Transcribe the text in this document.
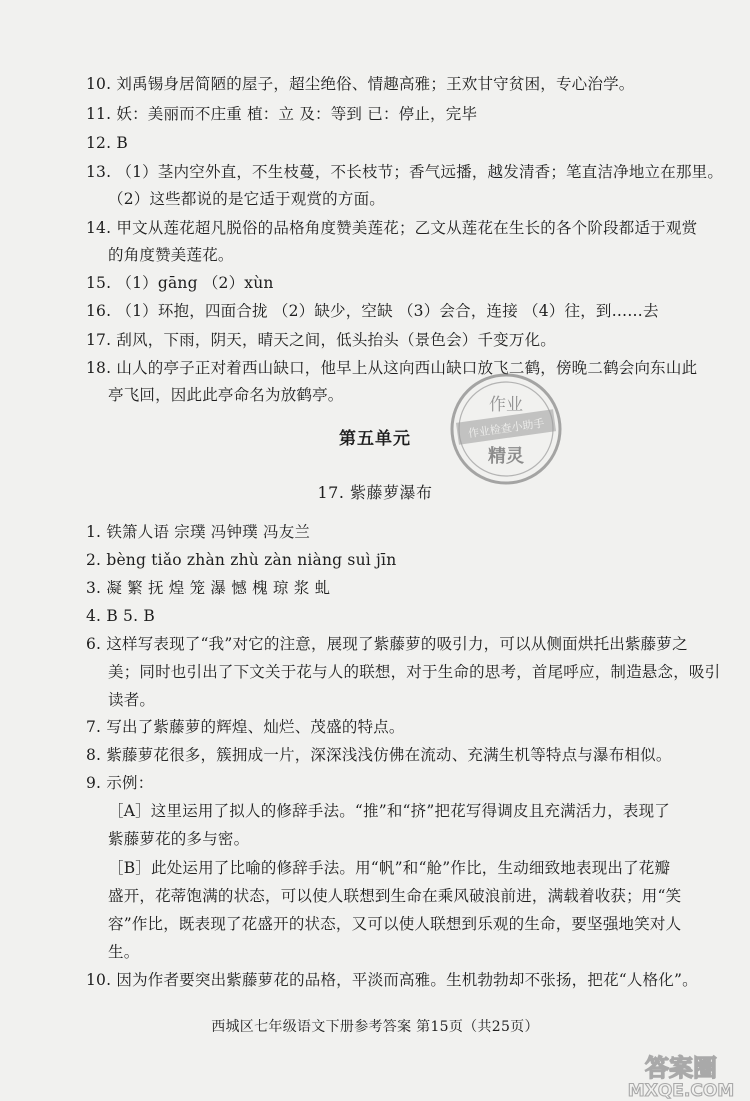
10. 刘禹锡身居简陋的屋子，超尘绝俗、情趣高雅；王欢甘守贫困，专心治学。
11. 妖：美丽而不庄重 植：立 及：等到 已：停止，完毕
12. B
13. （1）茎内空外直，不生枝蔓，不长枝节；香气远播，越发清香；笔直洁净地立在那里。
（2）这些都说的是它适于观赏的方面。
14. 甲文从莲花超凡脱俗的品格角度赞美莲花；乙文从莲花在生长的各个阶段都适于观赏
的角度赞美莲花。
15. （1）gāng （2）xùn
16. （1）环抱，四面合拢 （2）缺少，空缺 （3）会合，连接 （4）往，到……去
17. 刮风，下雨，阴天，晴天之间，低头抬头（景色会）千变万化。
18. 山人的亭子正对着西山缺口，他早上从这向西山缺口放飞二鹤，傍晚二鹤会向东山此
亭飞回，因此此亭命名为放鹤亭。
第五单元
作业
作业检查小助手
精灵
17. 紫藤萝瀑布
1. 铁箫人语 宗璞 冯钟璞 冯友兰
2. bèng tiǎo zhàn zhù zàn niàng suì jīn
3. 凝 繁 抚 煌 笼 瀑 憾 槐 琼 浆 虬
4. B 5. B
6. 这样写表现了“我”对它的注意，展现了紫藤萝的吸引力，可以从侧面烘托出紫藤萝之
美；同时也引出了下文关于花与人的联想，对于生命的思考，首尾呼应，制造悬念，吸引
读者。
7. 写出了紫藤萝的辉煌、灿烂、茂盛的特点。
8. 紫藤萝花很多，簇拥成一片，深深浅浅仿佛在流动、充满生机等特点与瀑布相似。
9. 示例：
［A］这里运用了拟人的修辞手法。“推”和“挤”把花写得调皮且充满活力，表现了
紫藤萝花的多与密。
［B］此处运用了比喻的修辞手法。用“帆”和“舱”作比，生动细致地表现出了花瓣
盛开，花蒂饱满的状态，可以使人联想到生命在乘风破浪前进，满载着收获；用“笑
容”作比，既表现了花盛开的状态，又可以使人联想到乐观的生命，要坚强地笑对人
生。
10. 因为作者要突出紫藤萝花的品格，平淡而高雅。生机勃勃却不张扬，把花“人格化”。
西城区七年级语文下册参考答案 第15页（共25页）
答案圈
MXQE.COM
